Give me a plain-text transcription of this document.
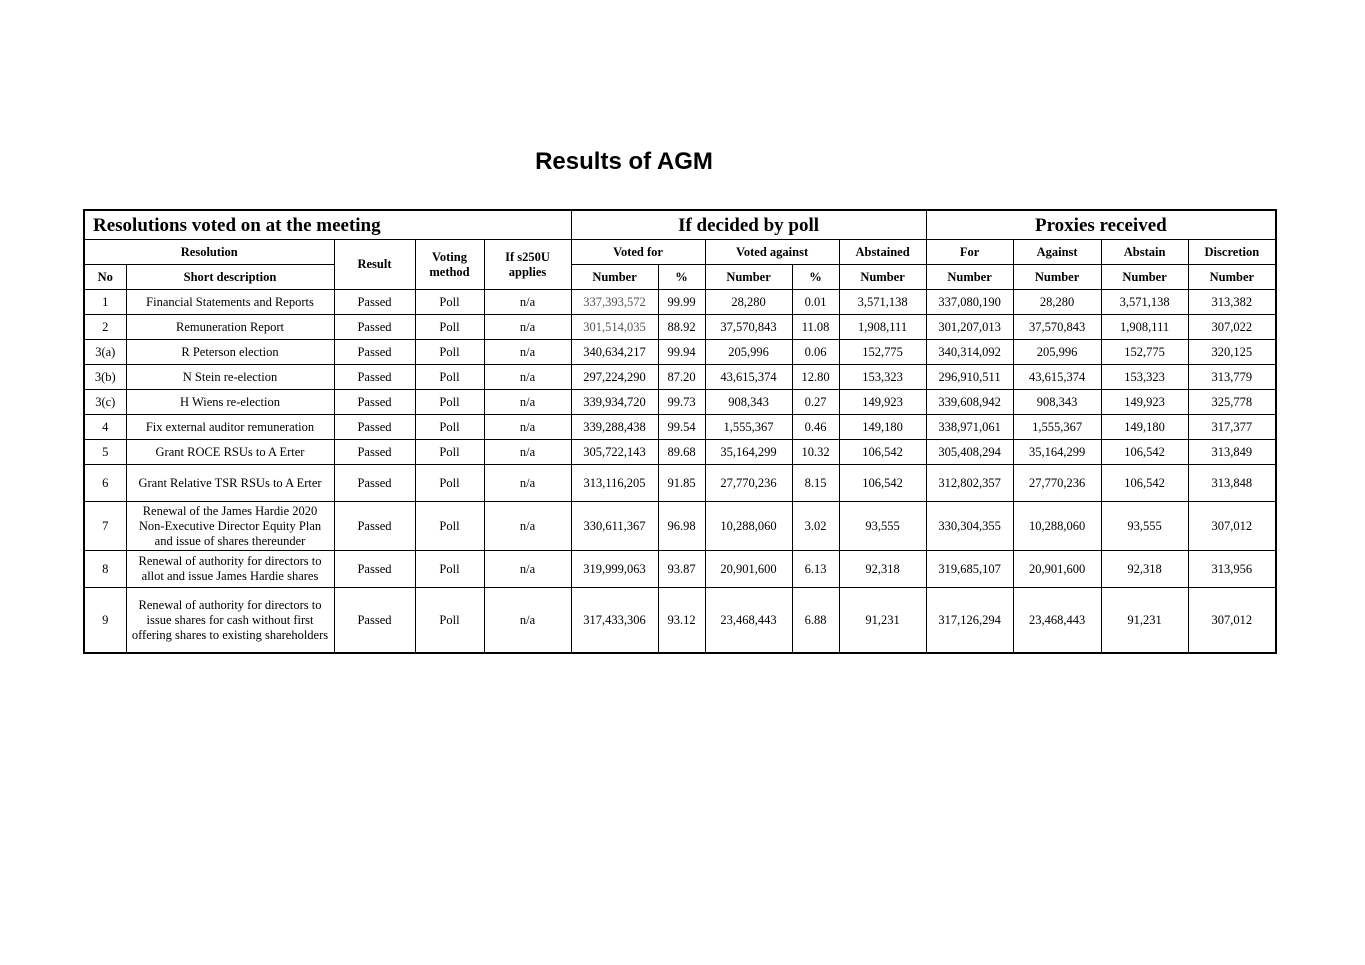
Results of AGM
Resolutions voted on at the meeting					If decided by poll					Proxies received			
Resolution		Result	Voting method	If s250U applies	Voted for		Voted against		Abstained	For	Against	Abstain	Discretion
No	Short description				Number	%	Number	%	Number	Number	Number	Number	Number
1	Financial Statements and Reports	Passed	Poll	n/a	337,393,572	99.99	28,280	0.01	3,571,138	337,080,190	28,280	3,571,138	313,382
2	Remuneration Report	Passed	Poll	n/a	301,514,035	88.92	37,570,843	11.08	1,908,111	301,207,013	37,570,843	1,908,111	307,022
3(a)	R Peterson election	Passed	Poll	n/a	340,634,217	99.94	205,996	0.06	152,775	340,314,092	205,996	152,775	320,125
3(b)	N Stein re-election	Passed	Poll	n/a	297,224,290	87.20	43,615,374	12.80	153,323	296,910,511	43,615,374	153,323	313,779
3(c)	H Wiens re-election	Passed	Poll	n/a	339,934,720	99.73	908,343	0.27	149,923	339,608,942	908,343	149,923	325,778
4	Fix external auditor remuneration	Passed	Poll	n/a	339,288,438	99.54	1,555,367	0.46	149,180	338,971,061	1,555,367	149,180	317,377
5	Grant ROCE RSUs to A Erter	Passed	Poll	n/a	305,722,143	89.68	35,164,299	10.32	106,542	305,408,294	35,164,299	106,542	313,849
6	Grant Relative TSR RSUs to A Erter	Passed	Poll	n/a	313,116,205	91.85	27,770,236	8.15	106,542	312,802,357	27,770,236	106,542	313,848
7	Renewal of the James Hardie 2020 Non-Executive Director Equity Plan and issue of shares thereunder	Passed	Poll	n/a	330,611,367	96.98	10,288,060	3.02	93,555	330,304,355	10,288,060	93,555	307,012
8	Renewal of authority for directors to allot and issue James Hardie shares	Passed	Poll	n/a	319,999,063	93.87	20,901,600	6.13	92,318	319,685,107	20,901,600	92,318	313,956
9	Renewal of authority for directors to issue shares for cash without first offering shares to existing shareholders	Passed	Poll	n/a	317,433,306	93.12	23,468,443	6.88	91,231	317,126,294	23,468,443	91,231	307,012
